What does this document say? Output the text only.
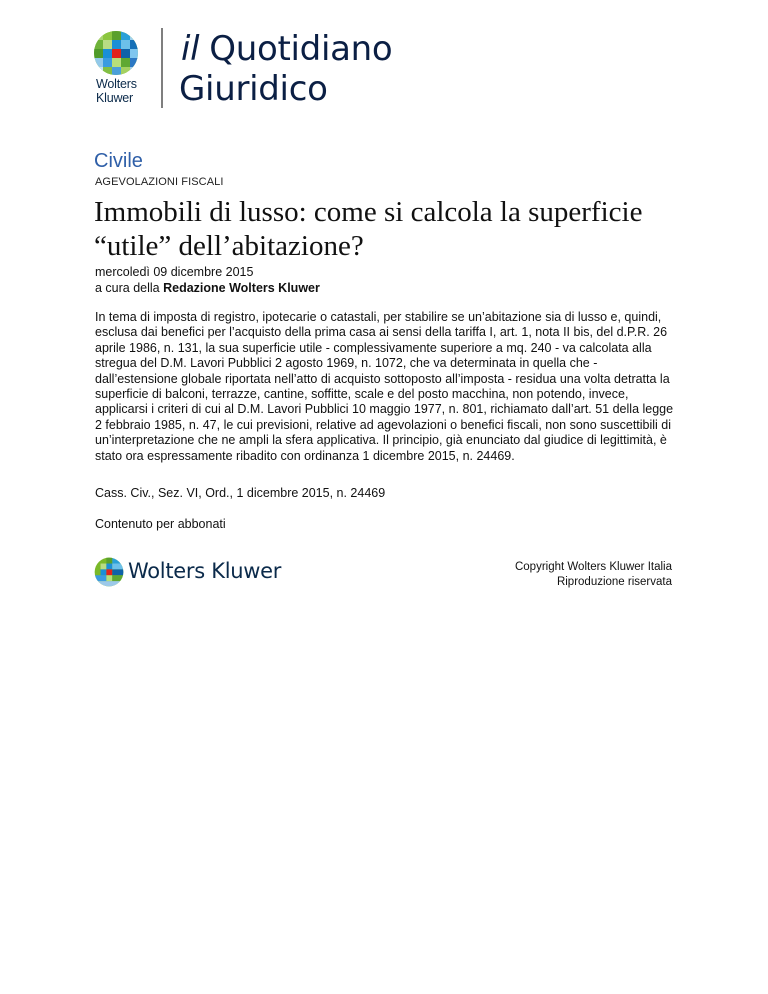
Wolters
Kluwer
il Quotidiano
Giuridico
Civile
AGEVOLAZIONI FISCALI
Immobili di lusso: come si calcola la superficie “utile” dell’abitazione?
mercoledì 09 dicembre 2015
a cura della Redazione Wolters Kluwer
In tema di imposta di registro, ipotecarie o catastali, per stabilire se un’abitazione sia di lusso e, quindi, esclusa dai benefici per l’acquisto della prima casa ai sensi della tariffa I, art. 1, nota II bis, del d.P.R. 26 aprile 1986, n. 131, la sua superficie utile - complessivamente superiore a mq. 240 - va calcolata alla stregua del D.M. Lavori Pubblici 2 agosto 1969, n. 1072, che va determinata in quella che - dall’estensione globale riportata nell’atto di acquisto sottoposto all’imposta - residua una volta detratta la superficie di balconi, terrazze, cantine, soffitte, scale e del posto macchina, non potendo, invece, applicarsi i criteri di cui al D.M. Lavori Pubblici 10 maggio 1977, n. 801, richiamato dall’art. 51 della legge 2 febbraio 1985, n. 47, le cui previsioni, relative ad agevolazioni o benefici fiscali, non sono suscettibili di un’interpretazione che ne ampli la sfera applicativa. Il principio, già enunciato dal giudice di legittimità, è stato ora espressamente ribadito con ordinanza 1 dicembre 2015, n. 24469.
Cass. Civ., Sez. VI, Ord., 1 dicembre 2015, n. 24469
Contenuto per abbonati
Wolters Kluwer	Copyright Wolters Kluwer Italia
Riproduzione riservata
